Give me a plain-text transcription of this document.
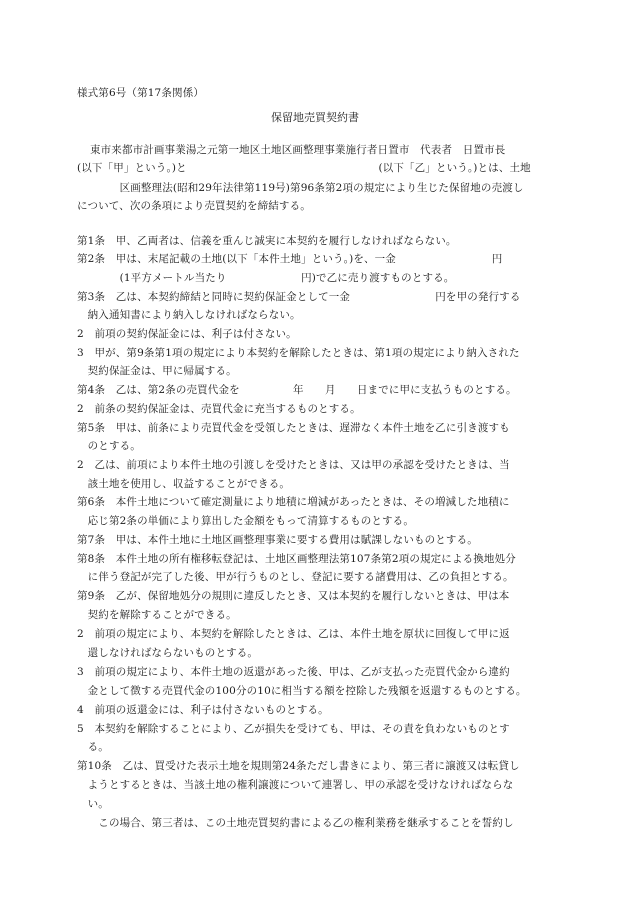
様式第6号（第17条関係）
保留地売買契約書
東市来都市計画事業湯之元第一地区土地区画整理事業施行者日置市　代表者　日置市長
(以下「甲」という。)と　　　　　　　　　　　　　　　　　　(以下「乙」という。)とは、土地
　　　　区画整理法(昭和29年法律第119号)第96条第2項の規定により生じた保留地の売渡し
について、次の条項により売買契約を締結する。
第1条　甲、乙両者は、信義を重んじ誠実に本契約を履行しなければならない。
第2条　甲は、末尾記載の土地(以下「本件土地」という。)を、一金　　　　　　　　　円
　　　　(1平方メートル当たり　　　　　　　円)で乙に売り渡すものとする。
第3条　乙は、本契約締結と同時に契約保証金として一金　　　　　　　　円を甲の発行する
　納入通知書により納入しなければならない。
2　前項の契約保証金には、利子は付さない。
3　甲が、第9条第1項の規定により本契約を解除したときは、第1項の規定により納入された
　契約保証金は、甲に帰属する。
第4条　乙は、第2条の売買代金を　　　　　年　　月　　日までに甲に支払うものとする。
2　前条の契約保証金は、売買代金に充当するものとする。
第5条　甲は、前条により売買代金を受領したときは、遅滞なく本件土地を乙に引き渡すも
　のとする。
2　乙は、前項により本件土地の引渡しを受けたときは、又は甲の承認を受けたときは、当
　該土地を使用し、収益することができる。
第6条　本件土地について確定測量により地積に増減があったときは、その増減した地積に
　応じ第2条の単価により算出した金額をもって清算するものとする。
第7条　甲は、本件土地に土地区画整理事業に要する費用は賦課しないものとする。
第8条　本件土地の所有権移転登記は、土地区画整理法第107条第2項の規定による換地処分
　に伴う登記が完了した後、甲が行うものとし、登記に要する諸費用は、乙の負担とする。
第9条　乙が、保留地処分の規則に違反したとき、又は本契約を履行しないときは、甲は本
　契約を解除することができる。
2　前項の規定により、本契約を解除したときは、乙は、本件土地を原状に回復して甲に返
　還しなければならないものとする。
3　前項の規定により、本件土地の返還があった後、甲は、乙が支払った売買代金から違約
　金として徴する売買代金の100分の10に相当する額を控除した残額を返還するものとする。
4　前項の返還金には、利子は付さないものとする。
5　本契約を解除することにより、乙が損失を受けても、甲は、その責を負わないものとす
　る。
第10条　乙は、買受けた表示土地を規則第24条ただし書きにより、第三者に譲渡又は転貸し
　ようとするときは、当該土地の権利譲渡について連署し、甲の承認を受けなければならな
　い。
　　この場合、第三者は、この土地売買契約書による乙の権利業務を継承することを誓約し
